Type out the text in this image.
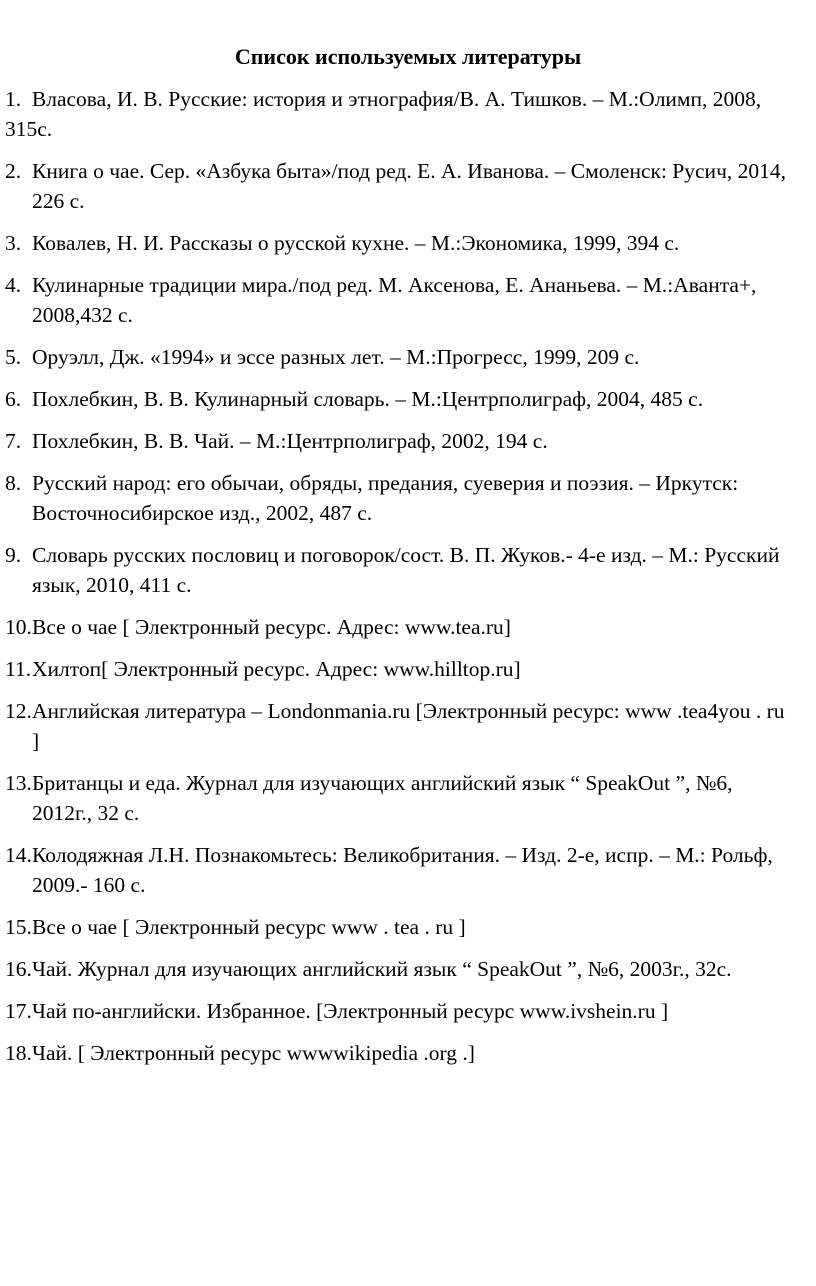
Список используемых литературы
1. Власова, И. В. Русские: история и этнография/В. А. Тишков. – М.:Олимп, 2008, 315с.
2. Книга о чае. Сер. «Азбука быта»/под ред. Е. А. Иванова. – Смоленск: Русич, 2014, 226 с.
3. Ковалев, Н. И. Рассказы о русской кухне. – М.:Экономика, 1999, 394 с.
4. Кулинарные традиции мира./под ред. М. Аксенова, Е. Ананьева. – М.:Аванта+, 2008,432 с.
5. Оруэлл, Дж. «1994» и эссе разных лет. – М.:Прогресс, 1999, 209 с.
6. Похлебкин, В. В. Кулинарный словарь. – М.:Центрполиграф, 2004, 485 с.
7. Похлебкин, В. В. Чай. – М.:Центрполиграф, 2002, 194 с.
8. Русский народ: его обычаи, обряды, предания, суеверия и поэзия. – Иркутск: Восточносибирское изд., 2002, 487 с.
9. Словарь русских пословиц и поговорок/сост. В. П. Жуков.- 4-е изд. – М.: Русский язык, 2010, 411 с.
10. Все о чае [ Электронный ресурс. Адрес: www.tea.ru]
11. Хилтоп[ Электронный ресурс. Адрес: www.hilltop.ru]
12. Английская литература – Londonmania.ru [Электронный ресурс: www .tea4you . ru ]
13. Британцы и еда. Журнал для изучающих английский язык “ SpeakOut ”, №6, 2012г., 32 с.
14. Колодяжная Л.Н. Познакомьтесь: Великобритания. – Изд. 2-е, испр. – М.: Рольф, 2009.- 160 с.
15. Все о чае [ Электронный ресурс www . tea . ru ]
16. Чай. Журнал для изучающих английский язык “ SpeakOut ”, №6, 2003г., 32с.
17. Чай по-английски. Избранное. [Электронный ресурс www.ivshein.ru ]
18. Чай. [ Электронный ресурс wwwwikipedia .org .]
